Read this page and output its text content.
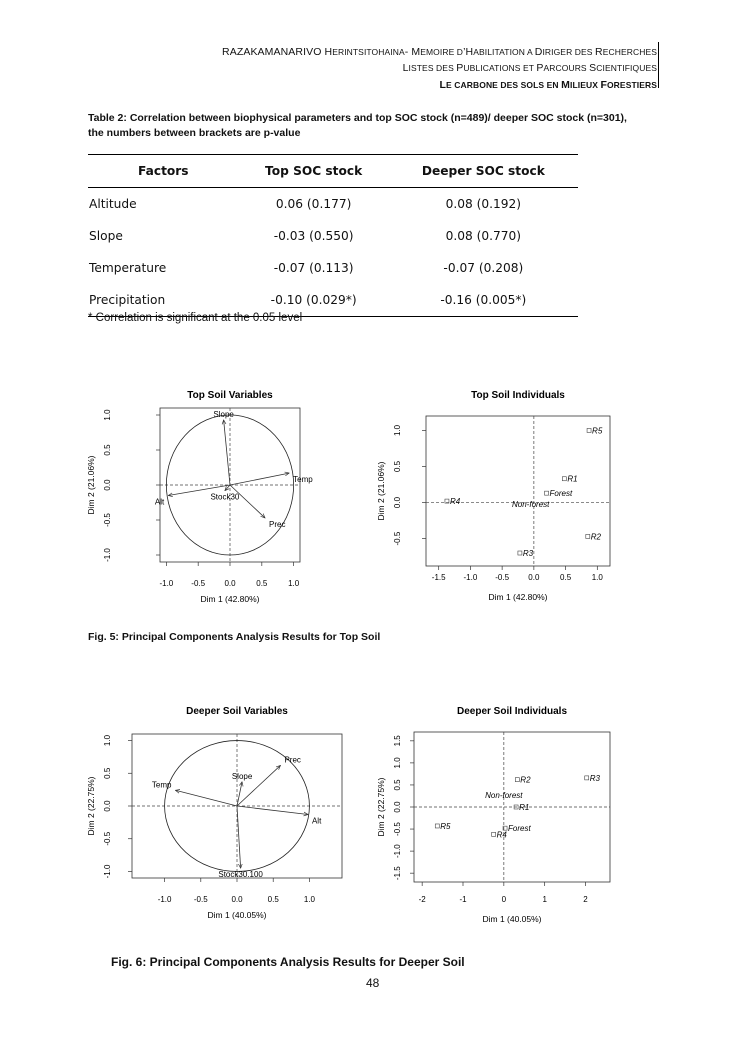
RAZAKAMANARIVO HERINTSITOHAINA- MEMOIRE D’HABILITATION A DIRIGER DES RECHERCHES
LISTES DES PUBLICATIONS ET PARCOURS SCIENTIFIQUES
LE CARBONE DES SOLS EN MILIEUX FORESTIERS
Table 2: Correlation between biophysical parameters and top SOC stock (n=489)/ deeper SOC stock (n=301),
the numbers between brackets are p-value
Factors	Top SOC stock	Deeper SOC stock
Altitude	0.06 (0.177)	0.08 (0.192)
Slope	-0.03 (0.550)	0.08 (0.770)
Temperature	-0.07 (0.113)	-0.07 (0.208)
Precipitation	-0.10 (0.029*)	-0.16 (0.005*)
* Correlation is significant at the 0.05 level
Top Soil Variables
-1.0 -0.5 0.0	0.5	1.0
-1.0
-0.5
0.0
0.5
1.0
Dim 1 (42.80%)
Dim 2 (21.06%)
Slope
Temp
Alt
Stock30
Prec
Top Soil Individuals
-1.5 -1.0 -0.5 0.0	0.5	1.0
-0.5
0.0
0.5
1.0
Dim 1 (42.80%)
Dim 2 (21.06%)
R5
R1
Forest
R4	Non-forest
R2
R3
Fig. 5: Principal Components Analysis Results for Top Soil
Deeper Soil Variables
-1.0	-0.5	0.0	0.5	1.0
-1.0
-0.5
0.0
0.5
1.0
Dim 1 (40.05%)
Dim 2 (22.75%)
Prec
Slope
Temp
Alt
Stock30.100
Deeper Soil Individuals
-2	-1	0	1	2
-1.5
-1.0
-0.5
0.0
0.5
1.0
1.5
Dim 1 (40.05%)
Dim 2 (22.75%)	R3
R2
Non-forest
R1
R5	Forest
R4
Fig. 6: Principal Components Analysis Results for Deeper Soil
48
